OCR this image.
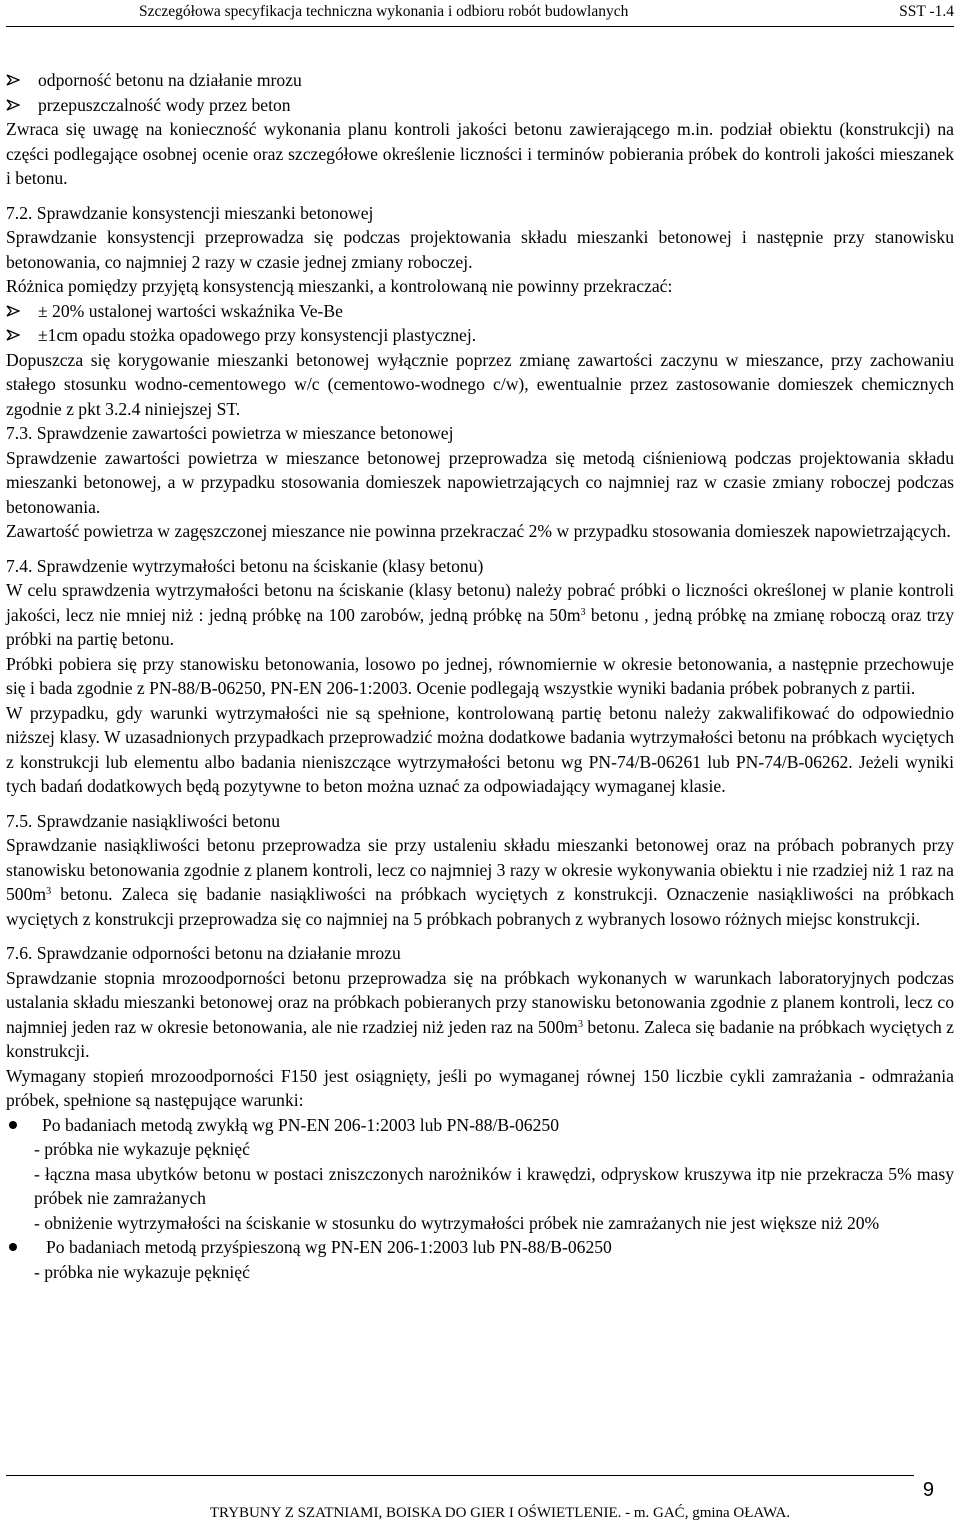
Szczegółowa specyfikacja techniczna wykonania i odbioru robót budowlanych	SST -1.4

odporność betonu na działanie mrozu

przepuszczalność wody przez beton

Zwraca się uwagę na konieczność wykonania planu kontroli jakości betonu zawierającego m.in. podział obiektu (konstrukcji) na części podlegające osobnej ocenie oraz szczegółowe określenie liczności i terminów pobierania próbek do kontroli jakości mieszanek i betonu.

7.2. Sprawdzanie konsystencji mieszanki betonowej

Sprawdzanie konsystencji przeprowadza się podczas projektowania składu mieszanki betonowej i następnie przy stanowisku betonowania, co najmniej 2 razy w czasie jednej zmiany roboczej.

Różnica pomiędzy przyjętą konsystencją mieszanki, a kontrolowaną nie powinny przekraczać:

± 20% ustalonej wartości wskaźnika Ve-Be

±1cm opadu stożka opadowego przy konsystencji plastycznej.

Dopuszcza się korygowanie mieszanki betonowej wyłącznie poprzez zmianę zawartości zaczynu w mieszance, przy zachowaniu stałego stosunku wodno-cementowego w/c (cementowo-wodnego c/w), ewentualnie przez zastosowanie domieszek chemicznych zgodnie z pkt 3.2.4 niniejszej ST.

7.3. Sprawdzenie zawartości powietrza w mieszance betonowej

Sprawdzenie zawartości powietrza w mieszance betonowej przeprowadza się metodą ciśnieniową podczas projektowania składu mieszanki betonowej, a w przypadku stosowania domieszek napowietrzających co najmniej raz w czasie zmiany roboczej podczas betonowania.

Zawartość powietrza w zagęszczonej mieszance nie powinna przekraczać 2% w przypadku stosowania domieszek napowietrzających.

7.4. Sprawdzenie wytrzymałości betonu na ściskanie (klasy betonu)

W celu sprawdzenia wytrzymałości betonu na ściskanie (klasy betonu) należy pobrać próbki o liczności określonej w planie kontroli jakości, lecz nie mniej niż : jedną próbkę na 100 zarobów, jedną próbkę na $50m^3$ betonu , jedną próbkę na zmianę roboczą oraz trzy próbki na partię betonu.

Próbki pobiera się przy stanowisku betonowania, losowo po jednej, równomiernie w okresie betonowania, a następnie przechowuje się i bada zgodnie z PN-88/B-06250, PN-EN 206-1:2003. Ocenie podlegają wszystkie wyniki badania próbek pobranych z partii.

W przypadku, gdy warunki wytrzymałości nie są spełnione, kontrolowaną partię betonu należy zakwalifikować do odpowiednio niższej klasy. W uzasadnionych przypadkach przeprowadzić można dodatkowe badania wytrzymałości betonu na próbkach wyciętych z konstrukcji lub elementu albo badania nieniszczące wytrzymałości betonu wg PN-74/B-06261 lub PN-74/B-06262. Jeżeli wyniki tych badań dodatkowych będą pozytywne to beton można uznać za odpowiadający wymaganej klasie.

7.5. Sprawdzanie nasiąkliwości betonu

Sprawdzanie nasiąkliwości betonu przeprowadza sie przy ustaleniu składu mieszanki betonowej oraz na próbach pobranych przy stanowisku betonowania zgodnie z planem kontroli, lecz co najmniej 3 razy w okresie wykonywania obiektu i nie rzadziej niż 1 raz na $500m^3$ betonu. Zaleca się badanie nasiąkliwości na próbkach wyciętych z konstrukcji. Oznaczenie nasiąkliwości na próbkach wyciętych z konstrukcji przeprowadza się co najmniej na 5 próbkach pobranych z wybranych losowo różnych miejsc konstrukcji.

7.6. Sprawdzanie odporności betonu na działanie mrozu

Sprawdzanie stopnia mrozoodporności betonu przeprowadza się na próbkach wykonanych w warunkach laboratoryjnych podczas ustalania składu mieszanki betonowej oraz na próbkach pobieranych przy stanowisku betonowania zgodnie z planem kontroli, lecz co najmniej jeden raz w okresie betonowania, ale nie rzadziej niż jeden raz na $500m^3$ betonu. Zaleca się badanie na próbkach wyciętych z konstrukcji.

Wymagany stopień mrozoodporności F150 jest osiągnięty, jeśli po wymaganej równej 150 liczbie cykli zamrażania - odmrażania próbek, spełnione są następujące warunki:

Po badaniach metodą zwykłą wg PN-EN 206-1:2003 lub PN-88/B-06250

- próbka nie wykazuje pęknięć

- łączna masa ubytków betonu w postaci zniszczonych narożników i krawędzi, odpryskow kruszywa itp nie przekracza 5% masy próbek nie zamrażanych

- obniżenie wytrzymałości na ściskanie w stosunku do wytrzymałości próbek nie zamrażanych nie jest większe niż 20%

Po badaniach metodą przyśpieszoną wg PN-EN 206-1:2003 lub PN-88/B-06250

- próbka nie wykazuje pęknięć

9
TRYBUNY Z SZATNIAMI, BOISKA DO GIER I OŚWIETLENIE. - m. GAĆ, gmina OŁAWA.
